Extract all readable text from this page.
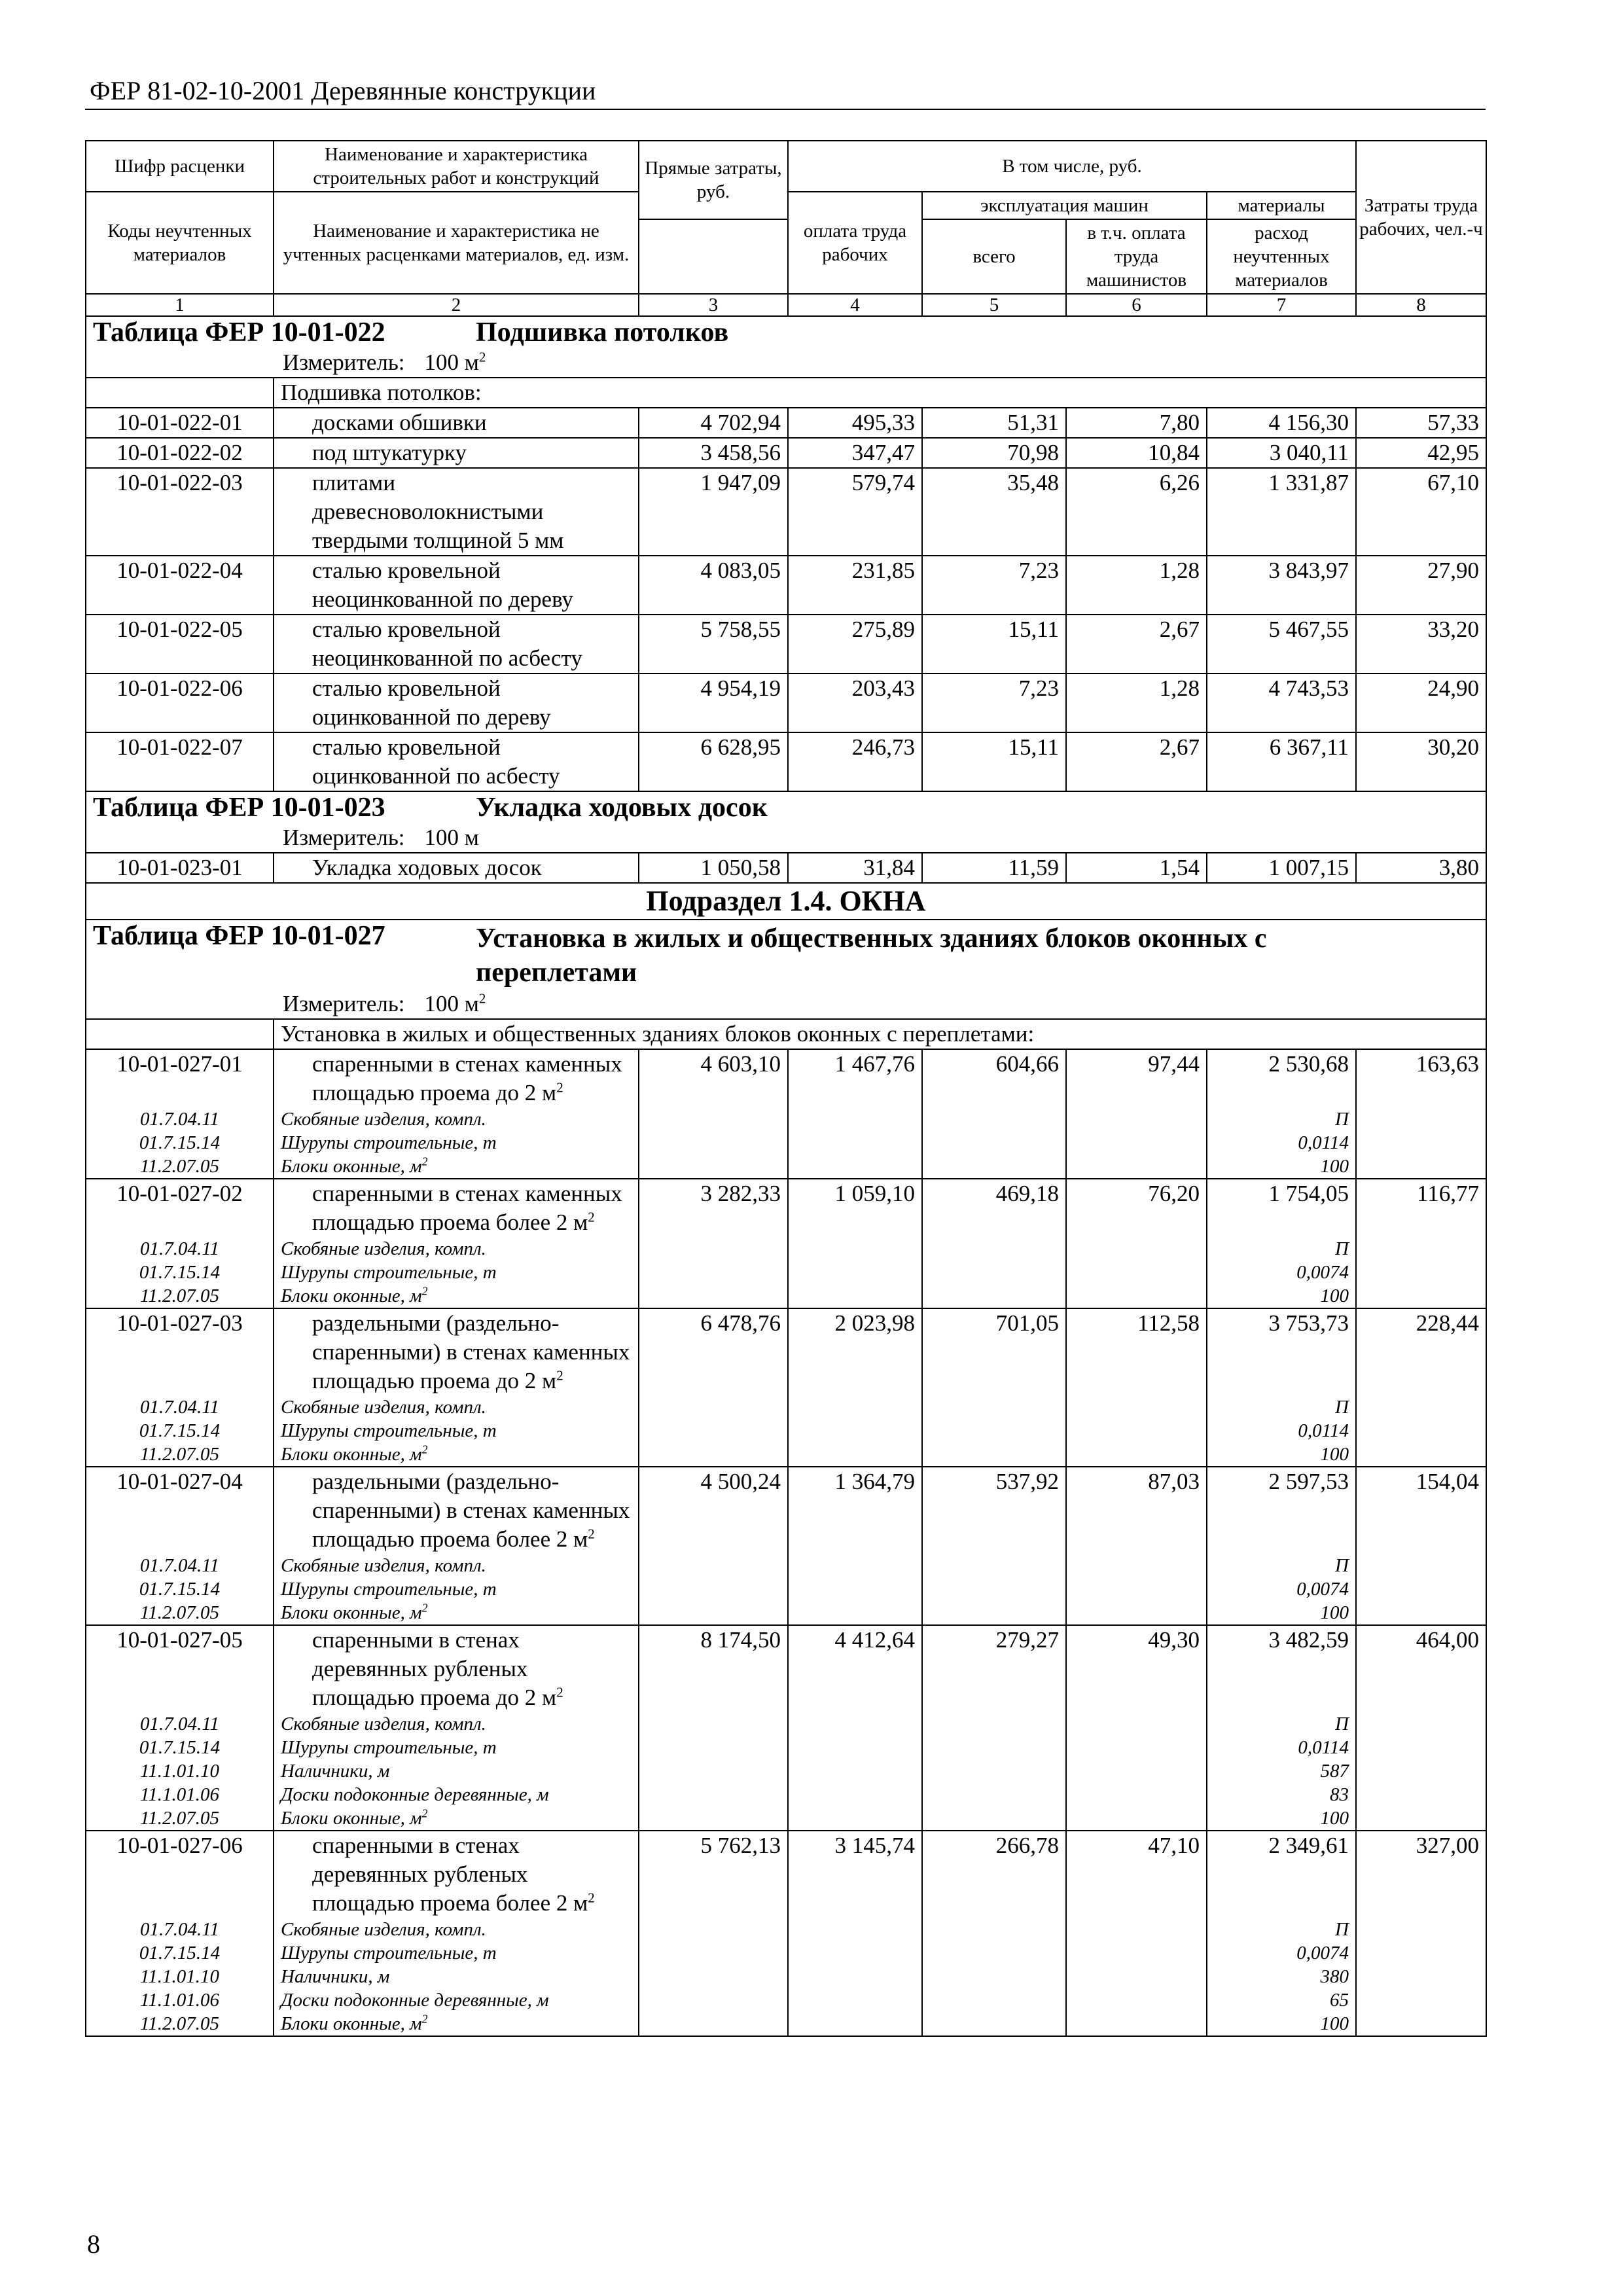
ФЕР 81-02-10-2001 Деревянные конструкции
Шифр расценки	Наименование и характеристика строительных работ и конструкций	Прямые затраты, руб.	В том числе, руб.				Затраты труда рабочих, чел.-ч
Коды неучтенных материалов	Наименование и характеристика не учтенных расценками материалов, ед. изм.						
			оплата труда рабочих	эксплуатация машин		материалы	
				всего	в т.ч. оплата труда машинистов	расход неучтенных материалов	
1	2	3	4	5	6	7	8
Таблица ФЕР 10-01-022 Подшивка потолков							
Измеритель: 100 $м^2$
	Подшивка потолков:						
10-01-022-01	досками обшивки	4 702,94	495,33	51,31	7,80	4 156,30	57,33
10-01-022-02	под штукатурку	3 458,56	347,47	70,98	10,84	3 040,11	42,95
10-01-022-03	плитами древесноволокнистыми твердыми толщиной 5 мм	1 947,09	579,74	35,48	6,26	1 331,87	67,10
10-01-022-04	сталью кровельной неоцинкованной по дереву	4 083,05	231,85	7,23	1,28	3 843,97	27,90
10-01-022-05	сталью кровельной неоцинкованной по асбесту	5 758,55	275,89	15,11	2,67	5 467,55	33,20
10-01-022-06	сталью кровельной оцинкованной по дереву	4 954,19	203,43	7,23	1,28	4 743,53	24,90
10-01-022-07	сталью кровельной оцинкованной по асбесту	6 628,95	246,73	15,11	2,67	6 367,11	30,20
Таблица ФЕР 10-01-023 Укладка ходовых досок							
Измеритель: 100 м							
10-01-023-01	Укладка ходовых досок	1 050,58	31,84	11,59	1,54	1 007,15	3,80
Подраздел 1.4. ОКНА							
Таблица ФЕР 10-01-027 Установка в жилых и общественных зданиях блоков оконных с переплетами							
Измеритель: 100 $м^2$
	Установка в жилых и общественных зданиях блоков оконных с переплетами:						
10-01-027-01	спаренными в стенах каменных площадью проема до 2 $м^2$	4 603,10	1 467,76	604,66	97,44	2 530,68	163,63
01.7.04.11	Скобяные изделия, компл.					П	
01.7.15.14	Шурупы строительные, т					0,0114	
11.2.07.05	Блоки оконные, $м^2$					100	
10-01-027-02	спаренными в стенах каменных площадью проема более 2 $м^2$	3 282,33	1 059,10	469,18	76,20	1 754,05	116,77
01.7.04.11	Скобяные изделия, компл.					П	
01.7.15.14	Шурупы строительные, т					0,0074	
11.2.07.05	Блоки оконные, $м^2$					100	
10-01-027-03	раздельными (раздельно-спаренными) в стенах каменных площадью проема до 2 $м^2$	6 478,76	2 023,98	701,05	112,58	3 753,73	228,44
01.7.04.11	Скобяные изделия, компл.					П	
01.7.15.14	Шурупы строительные, т					0,0114	
11.2.07.05	Блоки оконные, $м^2$					100	
10-01-027-04	раздельными (раздельно-спаренными) в стенах каменных площадью проема более 2 $м^2$	4 500,24	1 364,79	537,92	87,03	2 597,53	154,04
01.7.04.11	Скобяные изделия, компл.					П	
01.7.15.14	Шурупы строительные, т					0,0074	
11.2.07.05	Блоки оконные, $м^2$					100	
10-01-027-05	спаренными в стенах деревянных рубленых площадью проема до 2 $м^2$	8 174,50	4 412,64	279,27	49,30	3 482,59	464,00
01.7.04.11	Скобяные изделия, компл.					П	
01.7.15.14	Шурупы строительные, т					0,0114	
11.1.01.10	Наличники, м					587	
11.1.01.06	Доски подоконные деревянные, м					83	
11.2.07.05	Блоки оконные, $м^2$					100	
10-01-027-06	спаренными в стенах деревянных рубленых площадью проема более 2 $м^2$	5 762,13	3 145,74	266,78	47,10	2 349,61	327,00
01.7.04.11	Скобяные изделия, компл.					П	
01.7.15.14	Шурупы строительные, т					0,0074	
11.1.01.10	Наличники, м					380	
11.1.01.06	Доски подоконные деревянные, м					65	
11.2.07.05	Блоки оконные, $м^2$					100	
8
